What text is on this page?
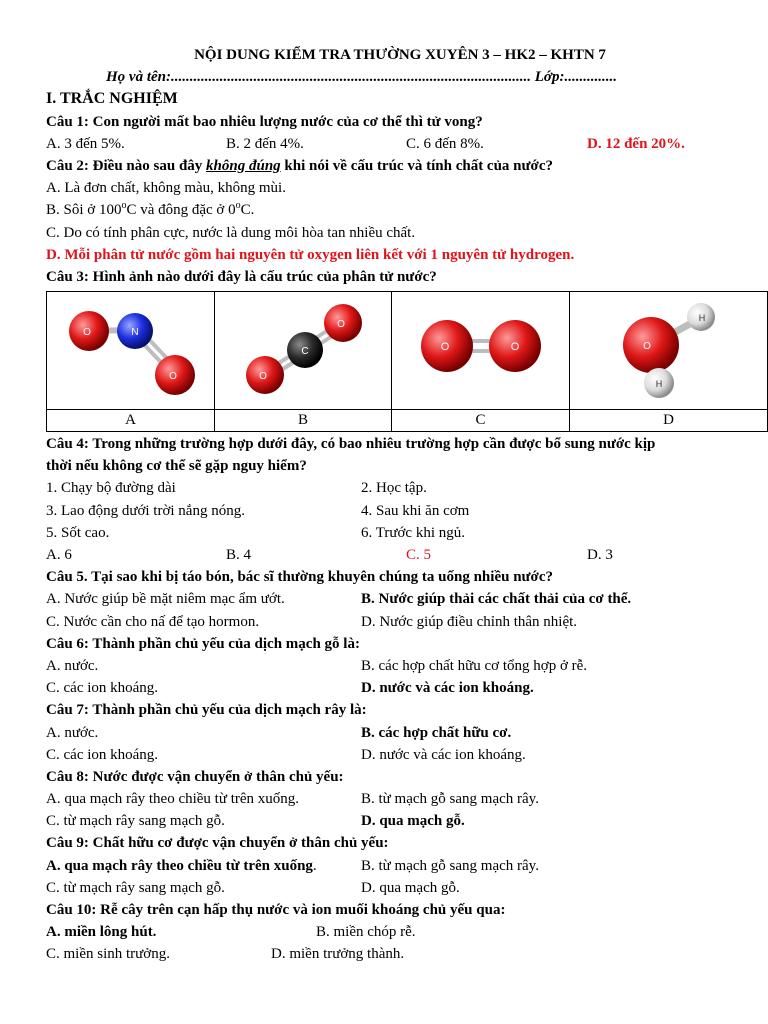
NỘI DUNG KIỂM TRA THƯỜNG XUYÊN 3 – HK2 – KHTN 7
Họ và tên:................................................................................................ Lớp:..............
I. TRẮC NGHIỆM
Câu 1: Con người mất bao nhiêu lượng nước của cơ thể thì tử vong?
A. 3 đến 5%.	B. 2 đến 4%.	C. 6 đến 8%.	D. 12 đến 20%.
Câu 2: Điều nào sau đây không đúng khi nói về cấu trúc và tính chất của nước?
A. Là đơn chất, không màu, không mùi.
B. Sôi ở 100$^o$C và đông đặc ở 0$^o$C.
C. Do có tính phân cực, nước là dung môi hòa tan nhiều chất.
D. Mỗi phân tử nước gồm hai nguyên tử oxygen liên kết với 1 nguyên tử hydrogen.
Câu 3: Hình ảnh nào dưới đây là cấu trúc của phân tử nước?
O N
O	O
C
O	O O	O
H
H

A	B	C	D
Câu 4: Trong những trường hợp dưới đây, có bao nhiêu trường hợp cần được bổ sung nước kịp
thời nếu không cơ thể sẽ gặp nguy hiểm?
1. Chạy bộ đường dài	2. Học tập.
3. Lao động dưới trời nắng nóng.	4. Sau khi ăn cơm
5. Sốt cao.	6. Trước khi ngủ.
A. 6	B. 4	C. 5	D. 3
Câu 5. Tại sao khi bị táo bón, bác sĩ thường khuyên chúng ta uống nhiều nước?
A. Nước giúp bề mặt niêm mạc ẩm ướt.	B. Nước giúp thải các chất thải của cơ thể.
C. Nước cần cho nấ để tạo hormon.	D. Nước giúp điều chỉnh thân nhiệt.
Câu 6: Thành phần chủ yếu của dịch mạch gỗ là:
A. nước.	B. các hợp chất hữu cơ tổng hợp ở rễ.
C. các ion khoáng.	D. nước và các ion khoáng.
Câu 7: Thành phần chủ yếu của dịch mạch rây là:
A. nước.	B. các hợp chất hữu cơ.
C. các ion khoáng.	D. nước và các ion khoáng.
Câu 8: Nước được vận chuyển ở thân chủ yếu:
A. qua mạch rây theo chiều từ trên xuống.	B. từ mạch gỗ sang mạch rây.
C. từ mạch rây sang mạch gỗ.	D. qua mạch gỗ.
Câu 9: Chất hữu cơ được vận chuyển ở thân chủ yếu:
A. qua mạch rây theo chiều từ trên xuống.	B. từ mạch gỗ sang mạch rây.
C. từ mạch rây sang mạch gỗ.	D. qua mạch gỗ.
Câu 10: Rễ cây trên cạn hấp thụ nước và ion muối khoáng chủ yếu qua:
A. miền lông hút.	B. miền chóp rễ.
C. miền sinh trưởng.	D. miền trưởng thành.
